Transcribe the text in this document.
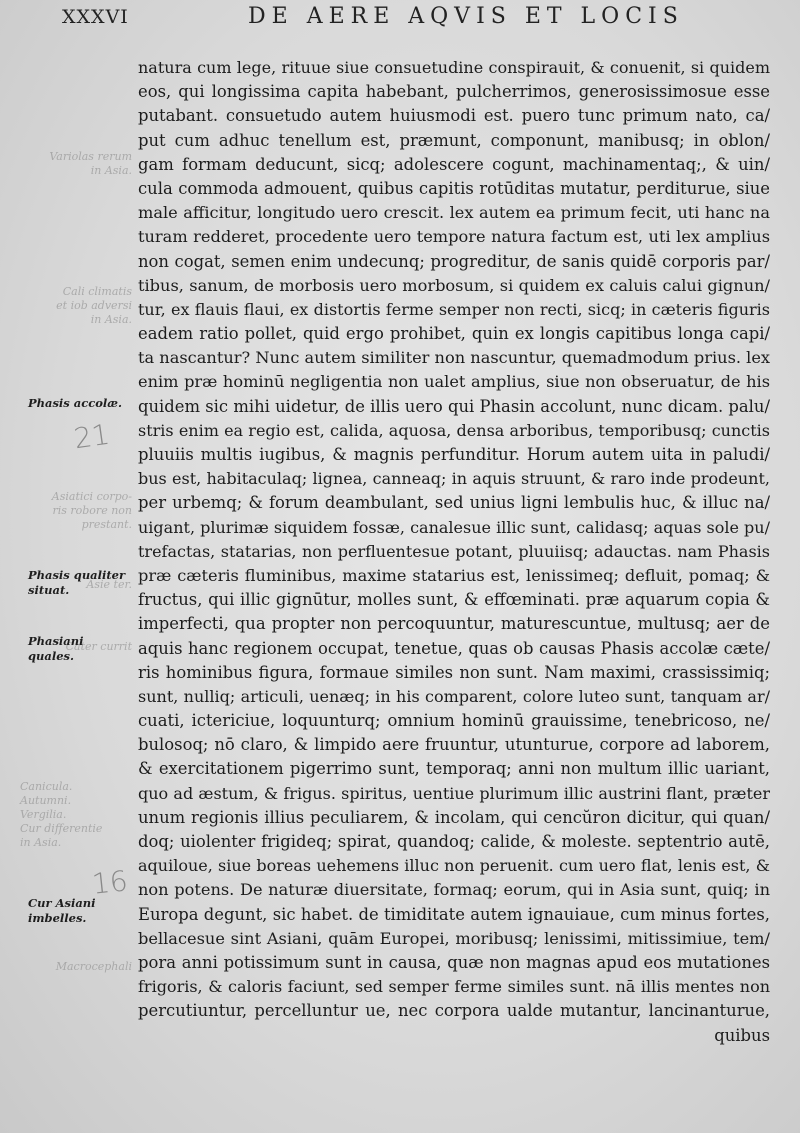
XXXVI	DE AERE AQVIS ET LOCIS
Variolas rerum
in Asia.
Cali climatis
et iob adversi
in Asia.
Asiatici corpo-
ris robore non
prestant.
Asie ter.
Cater currit
Canicula.
Autumni.
Vergilia.
Cur differentie
in Asia.
Macrocephali
Phasis accolæ.
Phasis qualiter
situat.
Phasiani quales.
Cur Asiani
imbelles.
21
16
natura cum lege, rituue siue consuetudine conspirauit, & conuenit, si quidem
eos, qui longissima capita habebant, pulcherrimos, generosissimosue esse
putabant. consuetudo autem huiusmodi est. puero tunc primum nato, ca/
put cum adhuc tenellum est, præmunt, componunt, manibusq; in oblon/
gam formam deducunt, sicq; adolescere cogunt, machinamentaq;, & uin/
cula commoda admouent, quibus capitis rotūditas mutatur, perditurue, siue
male afficitur, longitudo uero crescit. lex autem ea primum fecit, uti hanc na
turam redderet, procedente uero tempore natura factum est, uti lex amplius
non cogat, semen enim undecunq; progreditur, de sanis quidē corporis par/
tibus, sanum, de morbosis uero morbosum, si quidem ex caluis calui gignun/
tur, ex flauis flaui, ex distortis ferme semper non recti, sicq; in cæteris figuris
eadem ratio pollet, quid ergo prohibet, quin ex longis capitibus longa capi/
ta nascantur? Nunc autem similiter non nascuntur, quemadmodum prius. lex
enim præ hominū negligentia non ualet amplius, siue non obseruatur, de his
quidem sic mihi uidetur, de illis uero qui Phasin accolunt, nunc dicam. palu/
stris enim ea regio est, calida, aquosa, densa arboribus, temporibusq; cunctis
pluuiis multis iugibus, & magnis perfunditur. Horum autem uita in paludi/
bus est, habitaculaq; lignea, canneaq; in aquis struunt, & raro inde prodeunt,
per urbemq; & forum deambulant, sed unius ligni lembulis huc, & illuc na/
uigant, plurimæ siquidem fossæ, canalesue illic sunt, calidasq; aquas sole pu/
trefactas, statarias, non perfluentesue potant, pluuiisq; adauctas. nam Phasis
præ cæteris fluminibus, maxime statarius est, lenissimeq; defluit, pomaq; &
fructus, qui illic gignūtur, molles sunt, & effœminati. præ aquarum copia &
imperfecti, qua propter non percoquuntur, maturescuntue, multusq; aer de
aquis hanc regionem occupat, tenetue, quas ob causas Phasis accolæ cæte/
ris hominibus figura, formaue similes non sunt. Nam maximi, crassissimiq;
sunt, nulliq; articuli, uenæq; in his comparent, colore luteo sunt, tanquam ar/
cuati, ictericiue, loquunturq; omnium hominū grauissime, tenebricoso, ne/
bulosoq; nō claro, & limpido aere fruuntur, utunturue, corpore ad laborem,
& exercitationem pigerrimo sunt, temporaq; anni non multum illic uariant,
quo ad æstum, & frigus. spiritus, uentiue plurimum illic austrini flant, præter
unum regionis illius peculiarem, & incolam, qui cencŭron dicitur, qui quan/
doq; uiolenter frigideq; spirat, quandoq; calide, & moleste. septentrio autē,
aquiloue, siue boreas uehemens illuc non peruenit. cum uero flat, lenis est, &
non potens. De naturæ diuersitate, formaq; eorum, qui in Asia sunt, quiq; in
Europa degunt, sic habet. de timiditate autem ignauiaue, cum minus fortes,
bellacesue sint Asiani, quām Europei, moribusq; lenissimi, mitissimiue, tem/
pora anni potissimum sunt in causa, quæ non magnas apud eos mutationes
frigoris, & caloris faciunt, sed semper ferme similes sunt. nā illis mentes non
percutiuntur, percelluntur ue, nec corpora ualde mutantur, lancinanturue,
quibus
